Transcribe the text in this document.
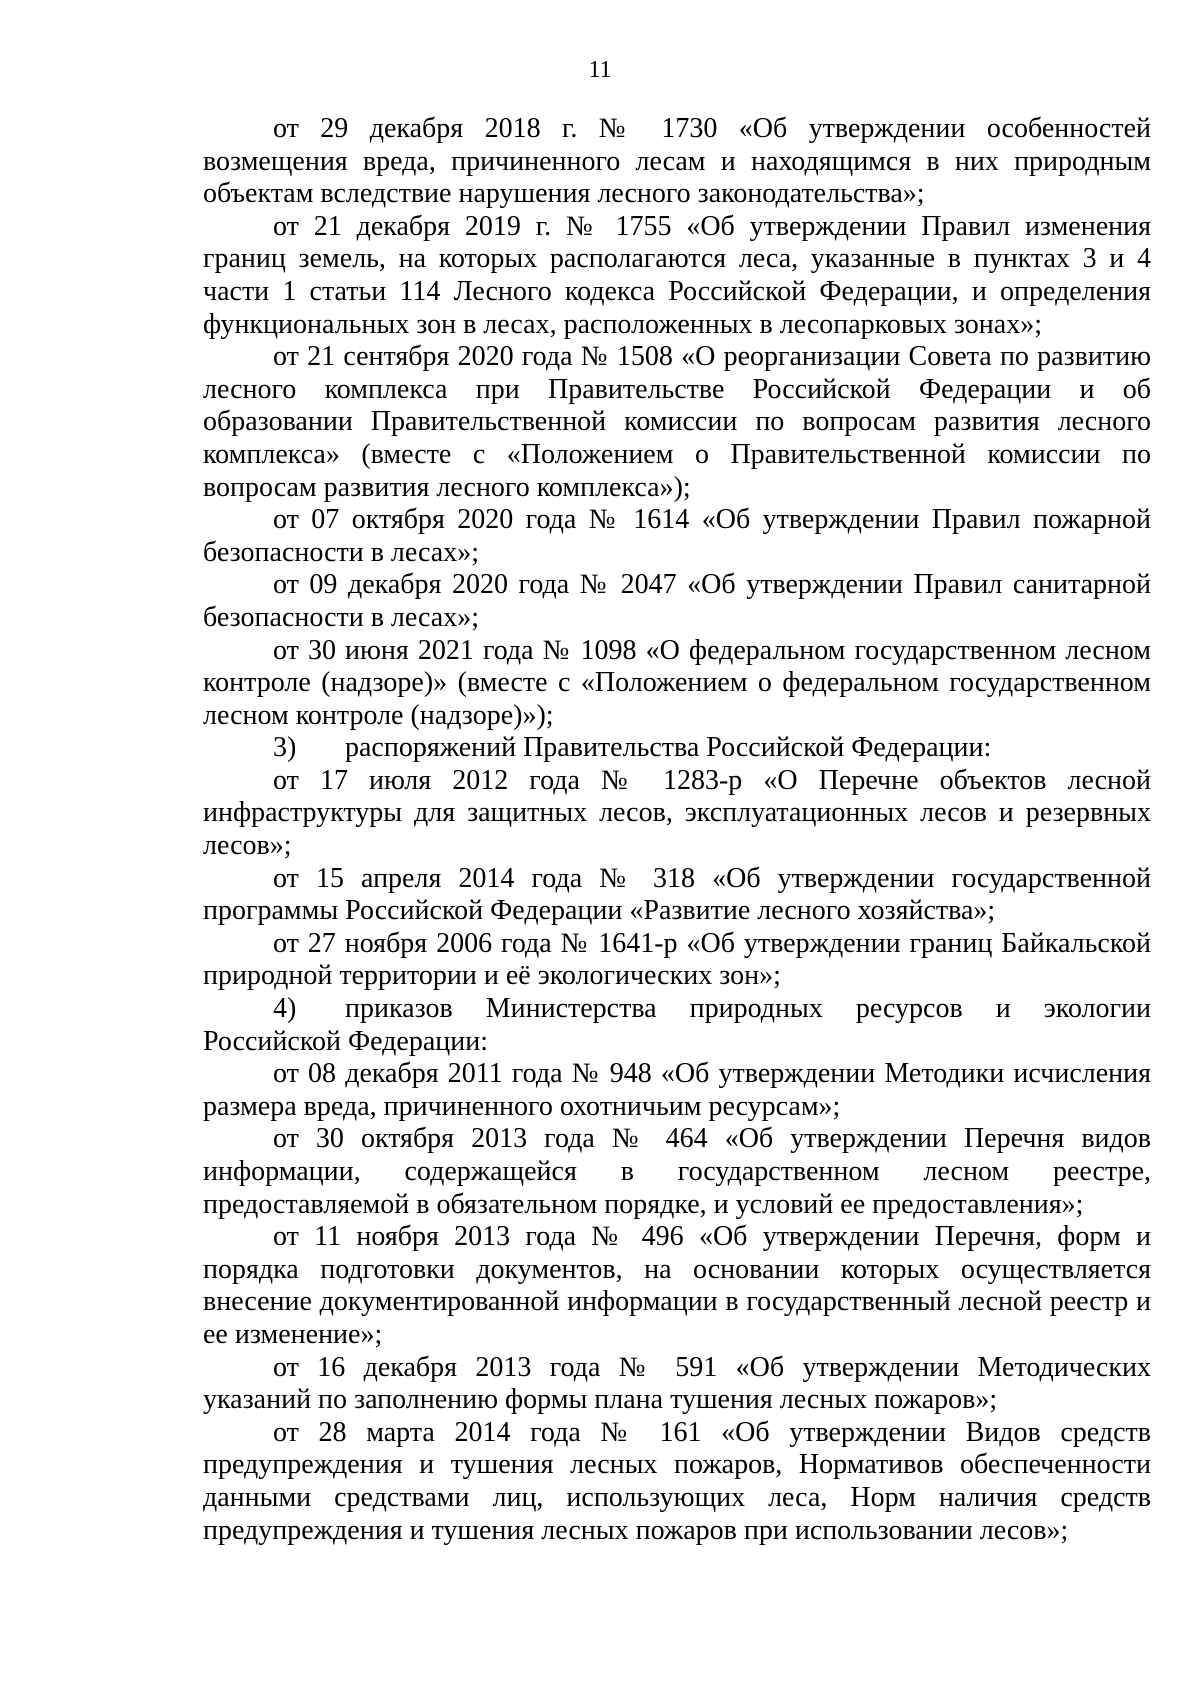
11

от 29 декабря 2018 г. № 1730 «Об утверждении особенностей возмещения вреда, причиненного лесам и находящимся в них природным объектам вследствие нарушения лесного законодательства»;

от 21 декабря 2019 г. № 1755 «Об утверждении Правил изменения границ земель, на которых располагаются леса, указанные в пунктах 3 и 4 части 1 статьи 114 Лесного кодекса Российской Федерации, и определения функциональных зон в лесах, расположенных в лесопарковых зонах»;

от 21 сентября 2020 года № 1508 «О реорганизации Совета по развитию лесного комплекса при Правительстве Российской Федерации и об образовании Правительственной комиссии по вопросам развития лесного комплекса» (вместе с «Положением о Правительственной комиссии по вопросам развития лесного комплекса»);

от 07 октября 2020 года № 1614 «Об утверждении Правил пожарной безопасности в лесах»;

от 09 декабря 2020 года № 2047 «Об утверждении Правил санитарной безопасности в лесах»;

от 30 июня 2021 года № 1098 «О федеральном государственном лесном контроле (надзоре)» (вместе с «Положением о федеральном государственном лесном контроле (надзоре)»);

3) распоряжений Правительства Российской Федерации:

от 17 июля 2012 года № 1283-р «О Перечне объектов лесной инфраструктуры для защитных лесов, эксплуатационных лесов и резервных лесов»;

от 15 апреля 2014 года № 318 «Об утверждении государственной программы Российской Федерации «Развитие лесного хозяйства»;

от 27 ноября 2006 года № 1641-р «Об утверждении границ Байкальской природной территории и её экологических зон»;

4) приказов Министерства природных ресурсов и экологии Российской Федерации:

от 08 декабря 2011 года № 948 «Об утверждении Методики исчисления размера вреда, причиненного охотничьим ресурсам»;

от 30 октября 2013 года № 464 «Об утверждении Перечня видов информации, содержащейся в государственном лесном реестре, предоставляемой в обязательном порядке, и условий ее предоставления»;

от 11 ноября 2013 года № 496 «Об утверждении Перечня, форм и порядка подготовки документов, на основании которых осуществляется внесение документированной информации в государственный лесной реестр и ее изменение»;

от 16 декабря 2013 года № 591 «Об утверждении Методических указаний по заполнению формы плана тушения лесных пожаров»;

от 28 марта 2014 года № 161 «Об утверждении Видов средств предупреждения и тушения лесных пожаров, Нормативов обеспеченности данными средствами лиц, использующих леса, Норм наличия средств предупреждения и тушения лесных пожаров при использовании лесов»;
